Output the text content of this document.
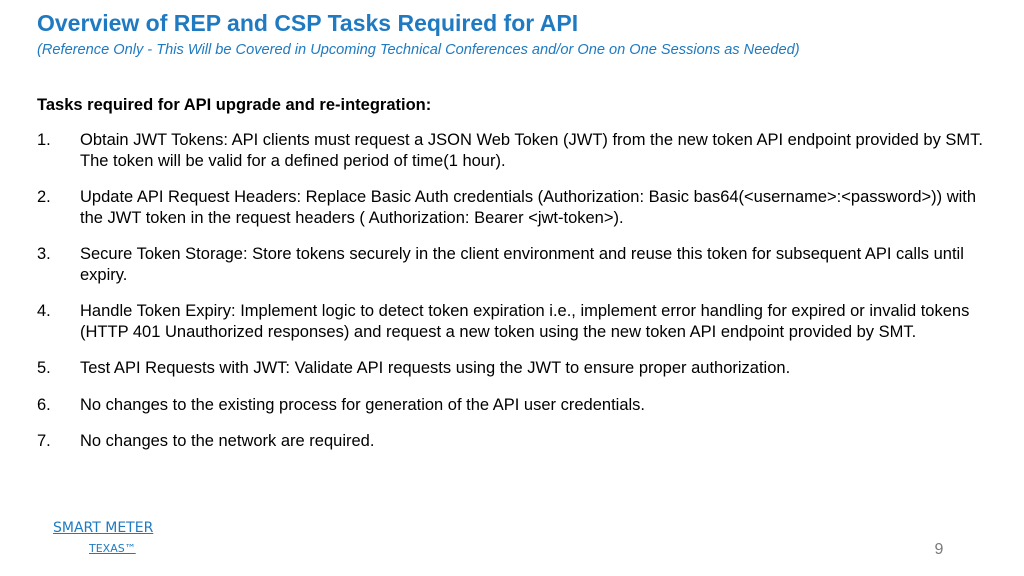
Overview of REP and CSP Tasks Required for API
(Reference Only - This Will be Covered in Upcoming Technical Conferences and/or One on One Sessions as Needed)
Tasks required for API upgrade and re-integration:
1.	Obtain JWT Tokens: API clients must request a JSON Web Token (JWT) from the new token API endpoint provided by SMT. The token will be valid for a defined period of time(1 hour).
2.	Update API Request Headers: Replace Basic Auth credentials (Authorization: Basic bas64(<username>:<password>)) with the JWT token in the request headers ( Authorization: Bearer <jwt-token>).
3.	Secure Token Storage: Store tokens securely in the client environment and reuse this token for subsequent API calls until expiry.
4.	Handle Token Expiry: Implement logic to detect token expiration i.e., implement error handling for expired or invalid tokens (HTTP 401 Unauthorized responses) and request a new token using the new token API endpoint provided by SMT.
5.	Test API Requests with JWT: Validate API requests using the JWT to ensure proper authorization.
6.	No changes to the existing process for generation of the API user credentials.
7.	No changes to the network are required.
SMART METER
TEXAS™	9
